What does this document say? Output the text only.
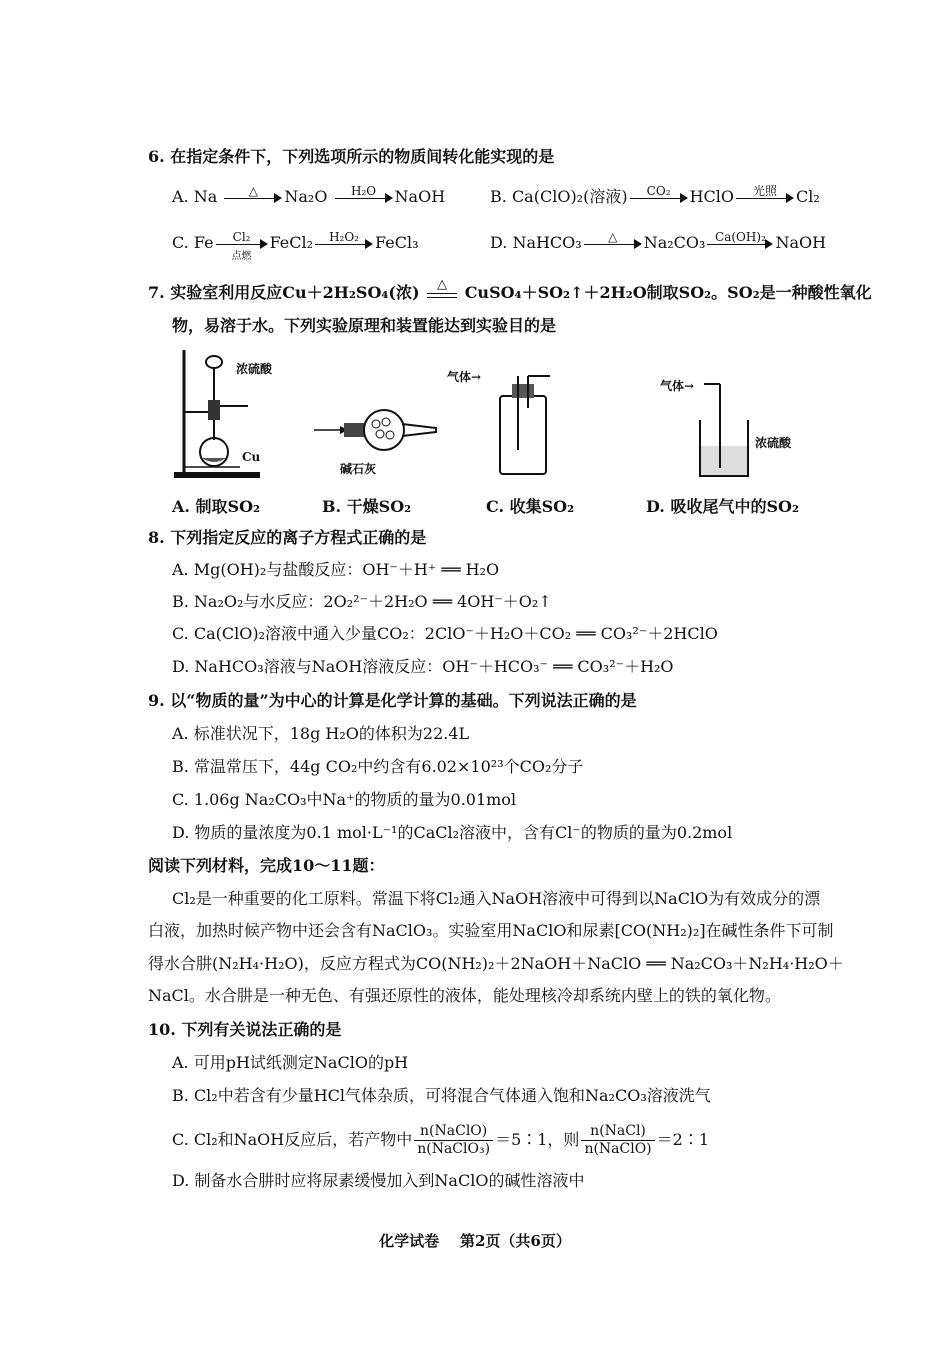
6. 在指定条件下，下列选项所示的物质间转化能实现的是
A. Na	△	Na₂O	H₂O	NaOH	B. Ca(ClO)₂(溶液)	CO₂	HClO	光照	Cl₂
C. Fe	Cl₂
点燃
FeCl₂	H₂O₂	FeCl₃	D. NaHCO₃	△	Na₂CO₃ Ca(OH)₂ NaOH
7. 实验室利用反应Cu＋2H₂SO₄(浓) △ CuSO₄＋SO₂↑＋2H₂O制取SO₂。SO₂是一种酸性氧化
物，易溶于水。下列实验原理和装置能达到实验目的是
浓硫酸
Cu
碱石灰
气体→
气体→
浓硫酸
A. 制取SO₂	B. 干燥SO₂	C. 收集SO₂	D. 吸收尾气中的SO₂
8. 下列指定反应的离子方程式正确的是
A. Mg(OH)₂与盐酸反应：OH⁻＋H⁺ ══ H₂O
B. Na₂O₂与水反应：2O₂²⁻＋2H₂O ══ 4OH⁻＋O₂↑
C. Ca(ClO)₂溶液中通入少量CO₂：2ClO⁻＋H₂O＋CO₂ ══ CO₃²⁻＋2HClO
D. NaHCO₃溶液与NaOH溶液反应：OH⁻＋HCO₃⁻ ══ CO₃²⁻＋H₂O
9. 以“物质的量”为中心的计算是化学计算的基础。下列说法正确的是
A. 标准状况下，18g H₂O的体积为22.4L
B. 常温常压下，44g CO₂中约含有6.02×10²³个CO₂分子
C. 1.06g Na₂CO₃中Na⁺的物质的量为0.01mol
D. 物质的量浓度为0.1 mol·L⁻¹的CaCl₂溶液中，含有Cl⁻的物质的量为0.2mol
阅读下列材料，完成10～11题：
Cl₂是一种重要的化工原料。常温下将Cl₂通入NaOH溶液中可得到以NaClO为有效成分的漂
白液，加热时候产物中还会含有NaClO₃。实验室用NaClO和尿素[CO(NH₂)₂]在碱性条件下可制
得水合肼(N₂H₄·H₂O)，反应方程式为CO(NH₂)₂＋2NaOH＋NaClO ══ Na₂CO₃＋N₂H₄·H₂O＋
NaCl。水合肼是一种无色、有强还原性的液体，能处理核冷却系统内壁上的铁的氧化物。
10. 下列有关说法正确的是
A. 可用pH试纸测定NaClO的pH
B. Cl₂中若含有少量HCl气体杂质，可将混合气体通入饱和Na₂CO₃溶液洗气
C. Cl₂和NaOH反应后，若产物中 $\frac{\text{n(NaClO)}}{\text{n(NaClO₃)}}$ ＝5∶1，则 $\frac{\text{n(NaCl)}}{\text{n(NaClO)}}$ ＝2∶1
D. 制备水合肼时应将尿素缓慢加入到NaClO的碱性溶液中
化学试卷    第2页（共6页）
